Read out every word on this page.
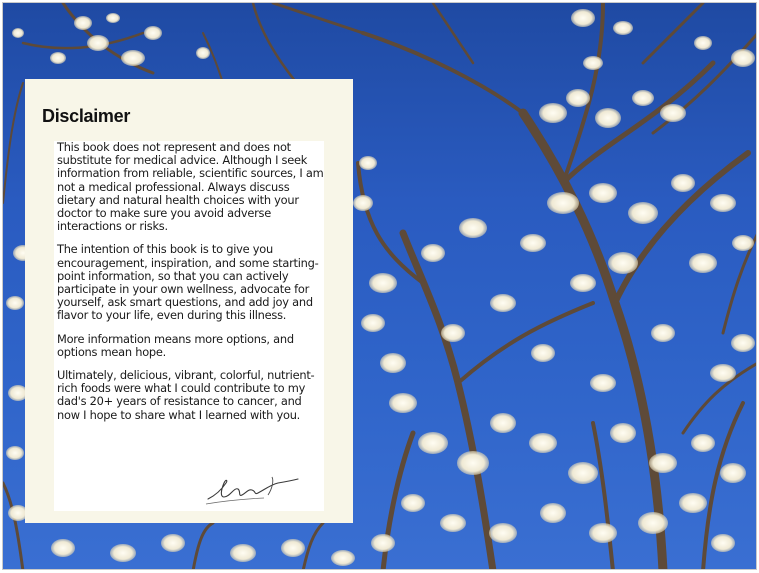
Disclaimer

This book does not represent and does not substitute for medical advice. Although I seek information from reliable, scientific sources, I am not a medical professional. Always discuss dietary and natural health choices with your doctor to make sure you avoid adverse interactions or risks.

The intention of this book is to give you encouragement, inspiration, and some starting-point information, so that you can actively participate in your own wellness, advocate for yourself, ask smart questions, and add joy and flavor to your life, even during this illness.

More information means more options, and options mean hope.

Ultimately, delicious, vibrant, colorful, nutrient-rich foods were what I could contribute to my dad's 20+ years of resistance to cancer, and now I hope to share what I learned with you.
